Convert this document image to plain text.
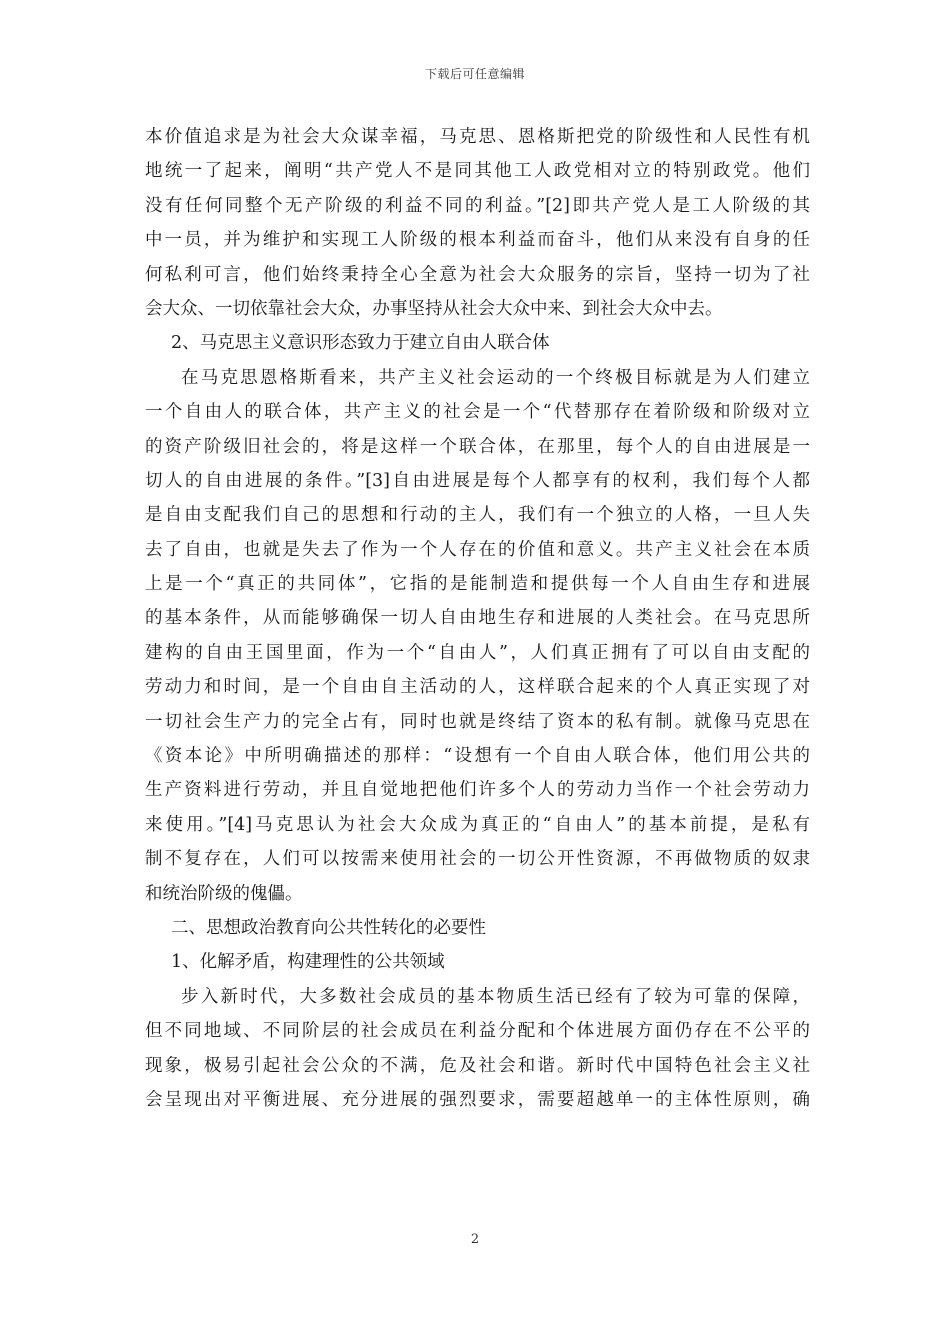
下载后可任意编辑
本价值追求是为社会大众谋幸福，马克思、恩格斯把党的阶级性和人民性有机
地统一了起来，阐明“共产党人不是同其他工人政党相对立的特别政党。他们
没有任何同整个无产阶级的利益不同的利益。”[2]即共产党人是工人阶级的其
中一员，并为维护和实现工人阶级的根本利益而奋斗，他们从来没有自身的任
何私利可言，他们始终秉持全心全意为社会大众服务的宗旨，坚持一切为了社
会大众、一切依靠社会大众，办事坚持从社会大众中来、到社会大众中去。
2、马克思主义意识形态致力于建立自由人联合体
在马克思恩格斯看来，共产主义社会运动的一个终极目标就是为人们建立
一个自由人的联合体，共产主义的社会是一个“代替那存在着阶级和阶级对立
的资产阶级旧社会的，将是这样一个联合体，在那里，每个人的自由进展是一
切人的自由进展的条件。”[3]自由进展是每个人都享有的权利，我们每个人都
是自由支配我们自己的思想和行动的主人，我们有一个独立的人格，一旦人失
去了自由，也就是失去了作为一个人存在的价值和意义。共产主义社会在本质
上是一个“真正的共同体”，它指的是能制造和提供每一个人自由生存和进展
的基本条件，从而能够确保一切人自由地生存和进展的人类社会。在马克思所
建构的自由王国里面，作为一个“自由人”，人们真正拥有了可以自由支配的
劳动力和时间，是一个自由自主活动的人，这样联合起来的个人真正实现了对
一切社会生产力的完全占有，同时也就是终结了资本的私有制。就像马克思在
《资本论》中所明确描述的那样：“设想有一个自由人联合体，他们用公共的
生产资料进行劳动，并且自觉地把他们许多个人的劳动力当作一个社会劳动力
来使用。”[4]马克思认为社会大众成为真正的“自由人”的基本前提，是私有
制不复存在，人们可以按需来使用社会的一切公开性资源，不再做物质的奴隶
和统治阶级的傀儡。
二、思想政治教育向公共性转化的必要性
1、化解矛盾，构建理性的公共领域
步入新时代，大多数社会成员的基本物质生活已经有了较为可靠的保障，
但不同地域、不同阶层的社会成员在利益分配和个体进展方面仍存在不公平的
现象，极易引起社会公众的不满，危及社会和谐。新时代中国特色社会主义社
会呈现出对平衡进展、充分进展的强烈要求，需要超越单一的主体性原则，确
2
